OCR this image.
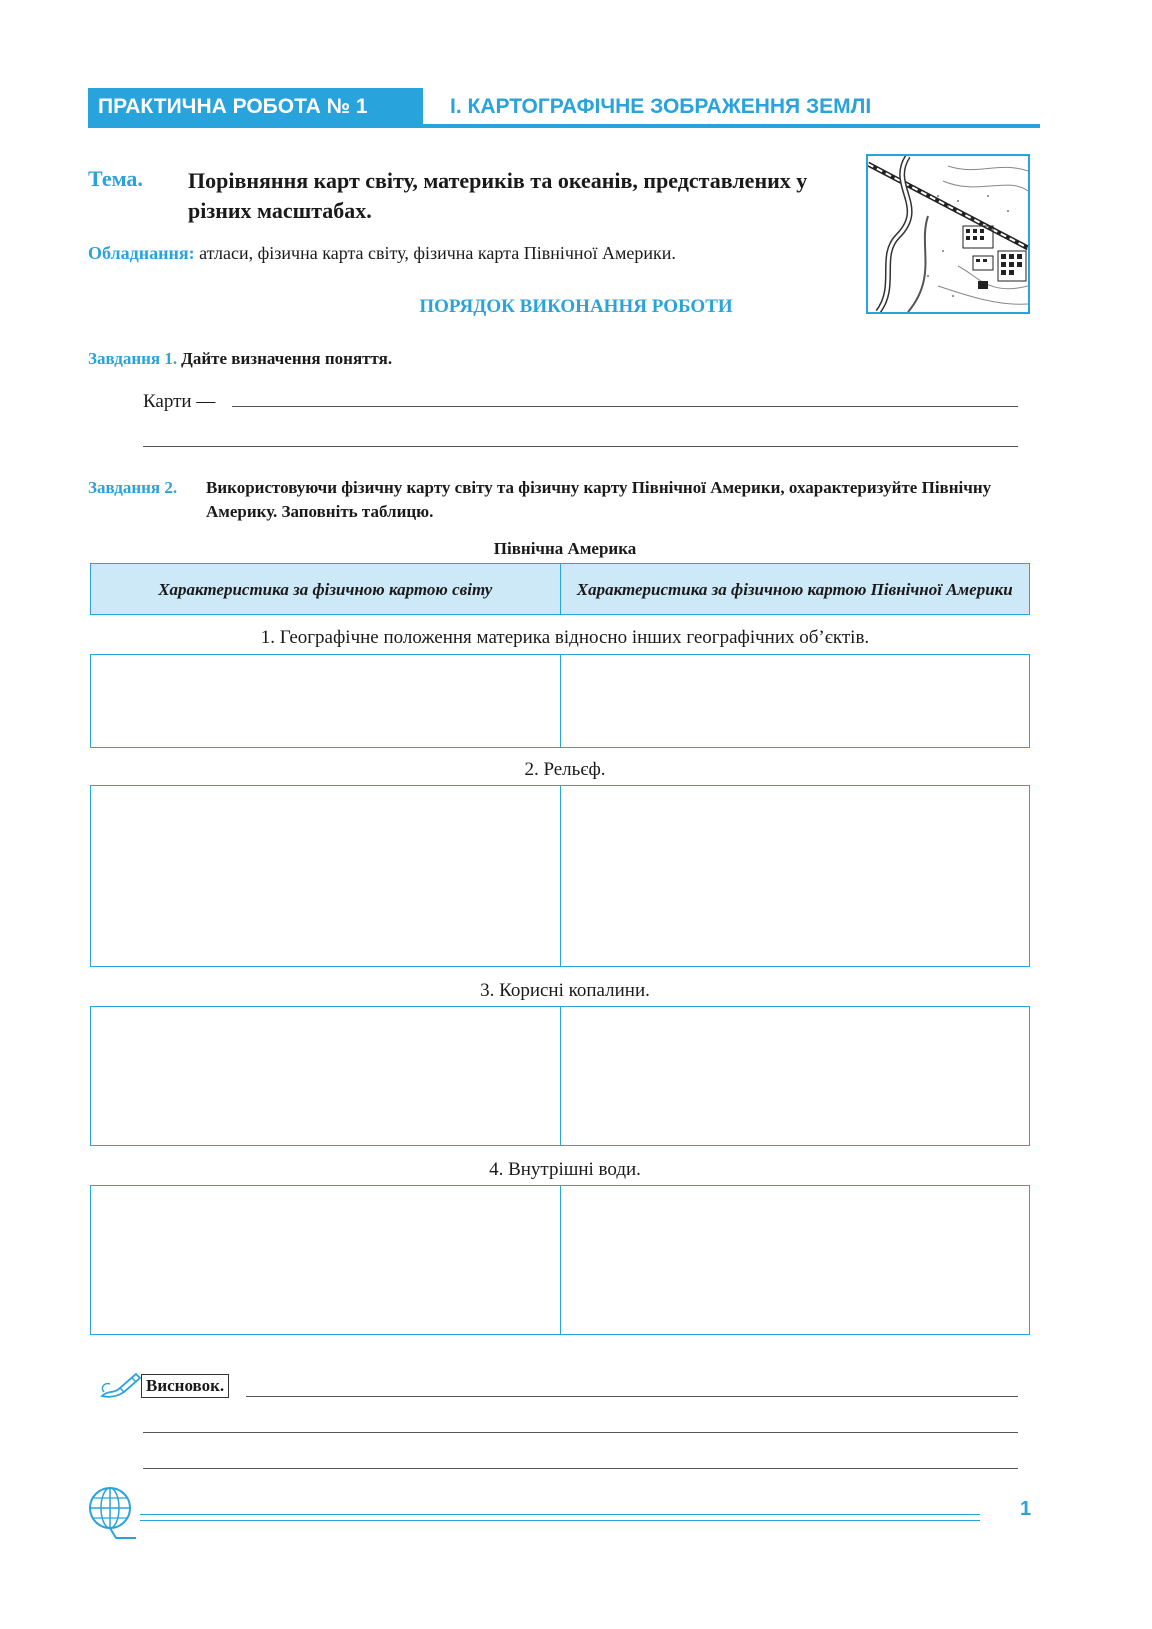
ПРАКТИЧНА РОБОТА № 1	І. КАРТОГРАФІЧНЕ ЗОБРАЖЕННЯ ЗЕМЛІ
Тема. Порівняння карт світу, материків та океанів, представлених у різних масштабах.
Обладнання: атласи, фізична карта світу, фізична карта Північної Америки.
ПОРЯДОК ВИКОНАННЯ РОБОТИ
Завдання 1. Дайте визначення поняття.
Карти —
Завдання 2.	Використовуючи фізичну карту світу та фізичну карту Північної Америки, охарактеризуйте Північну Америку. Заповніть таблицю.
Північна Америка
Характеристика за фізичною картою світу	Характеристика за фізичною картою Північної Америки
1. Географічне положення материка відносно інших географічних об’єктів.
2. Рельєф.
3. Корисні копалини.
4. Внутрішні води.
Висновок.
1
